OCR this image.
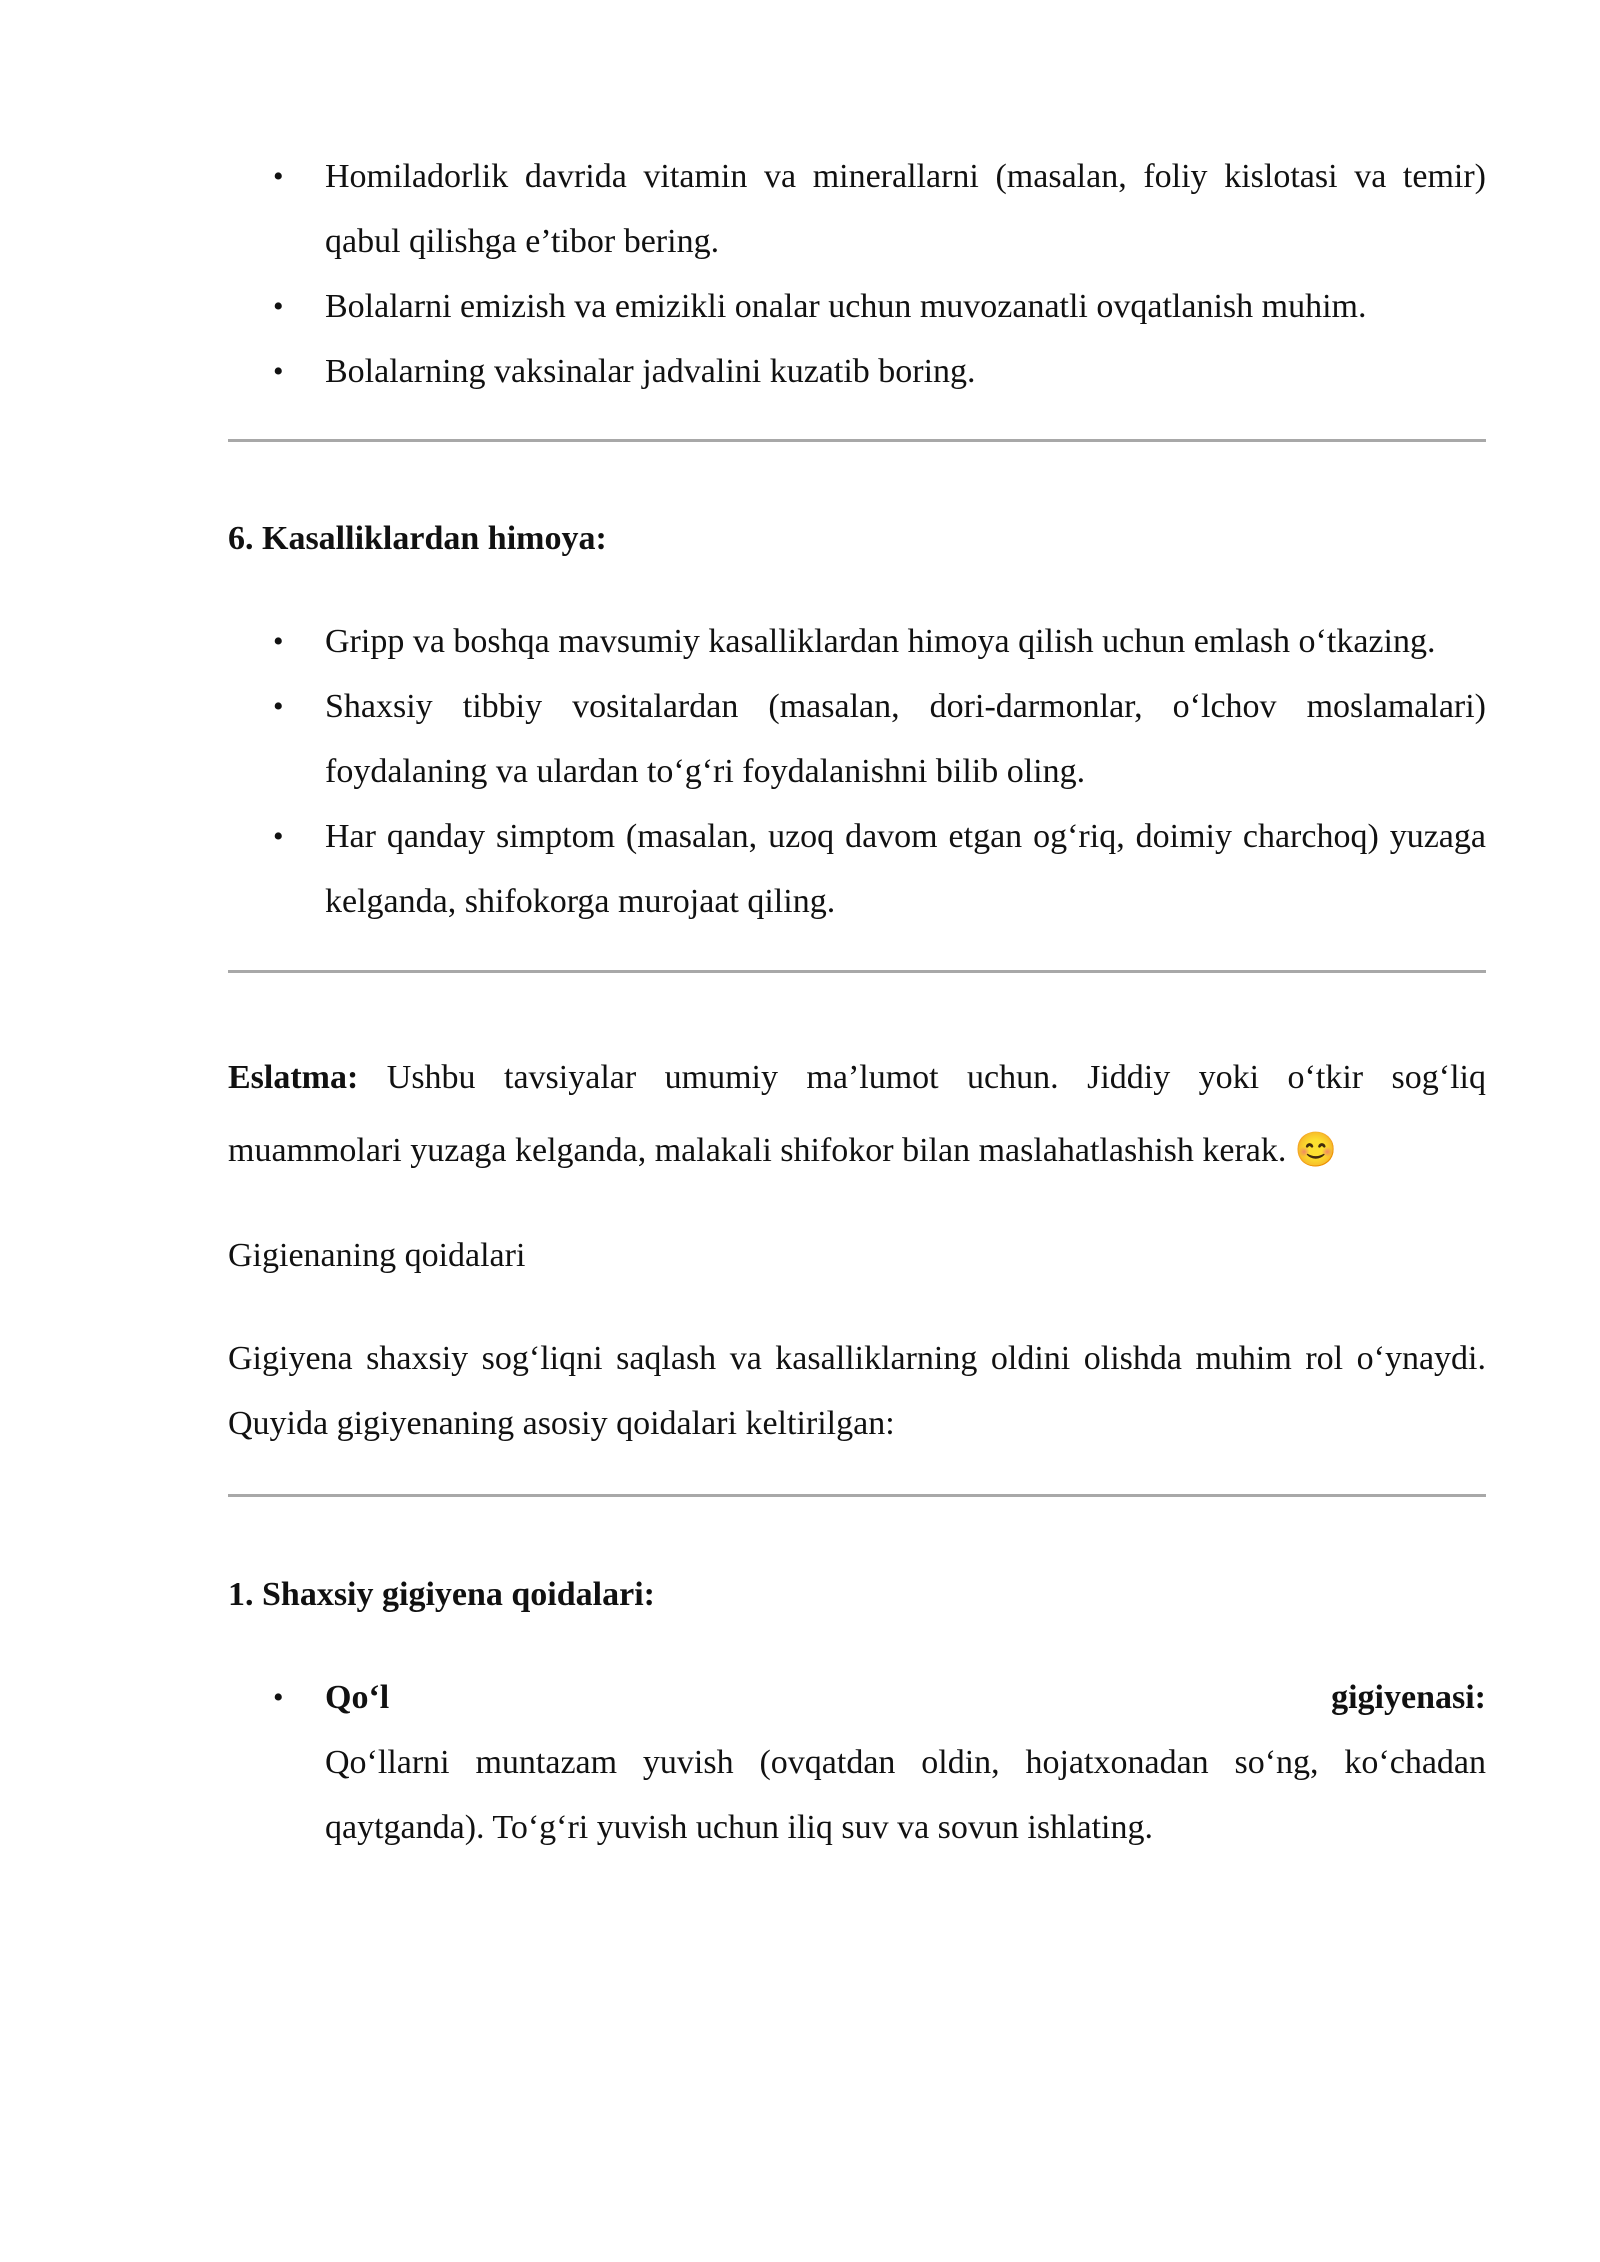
• Homiladorlik davrida vitamin va minerallarni (masalan, foliy kislotasi va temir) qabul qilishga e’tibor bering.
• Bolalarni emizish va emizikli onalar uchun muvozanatli ovqatlanish muhim.
• Bolalarning vaksinalar jadvalini kuzatib boring.
6. Kasalliklardan himoya:
• Gripp va boshqa mavsumiy kasalliklardan himoya qilish uchun emlash o‘tkazing.
• Shaxsiy tibbiy vositalardan (masalan, dori-darmonlar, o‘lchov moslamalari) foydalaning va ulardan to‘g‘ri foydalanishni bilib oling.
• Har qanday simptom (masalan, uzoq davom etgan og‘riq, doimiy charchoq) yuzaga kelganda, shifokorga murojaat qiling.

Eslatma: Ushbu tavsiyalar umumiy ma’lumot uchun. Jiddiy yoki o‘tkir sog‘liq muammolari yuzaga kelganda, malakali shifokor bilan maslahatlashish kerak. 😊

Gigienaning qoidalari

Gigiyena shaxsiy sog‘liqni saqlash va kasalliklarning oldini olishda muhim rol o‘ynaydi. Quyida gigiyenaning asosiy qoidalari keltirilgan:

1. Shaxsiy gigiyena qoidalari:
• Qo‘l	gigiyenasi:
Qo‘llarni muntazam yuvish (ovqatdan oldin, hojatxonadan so‘ng, ko‘chadan qaytganda). To‘g‘ri yuvish uchun iliq suv va sovun ishlating.
